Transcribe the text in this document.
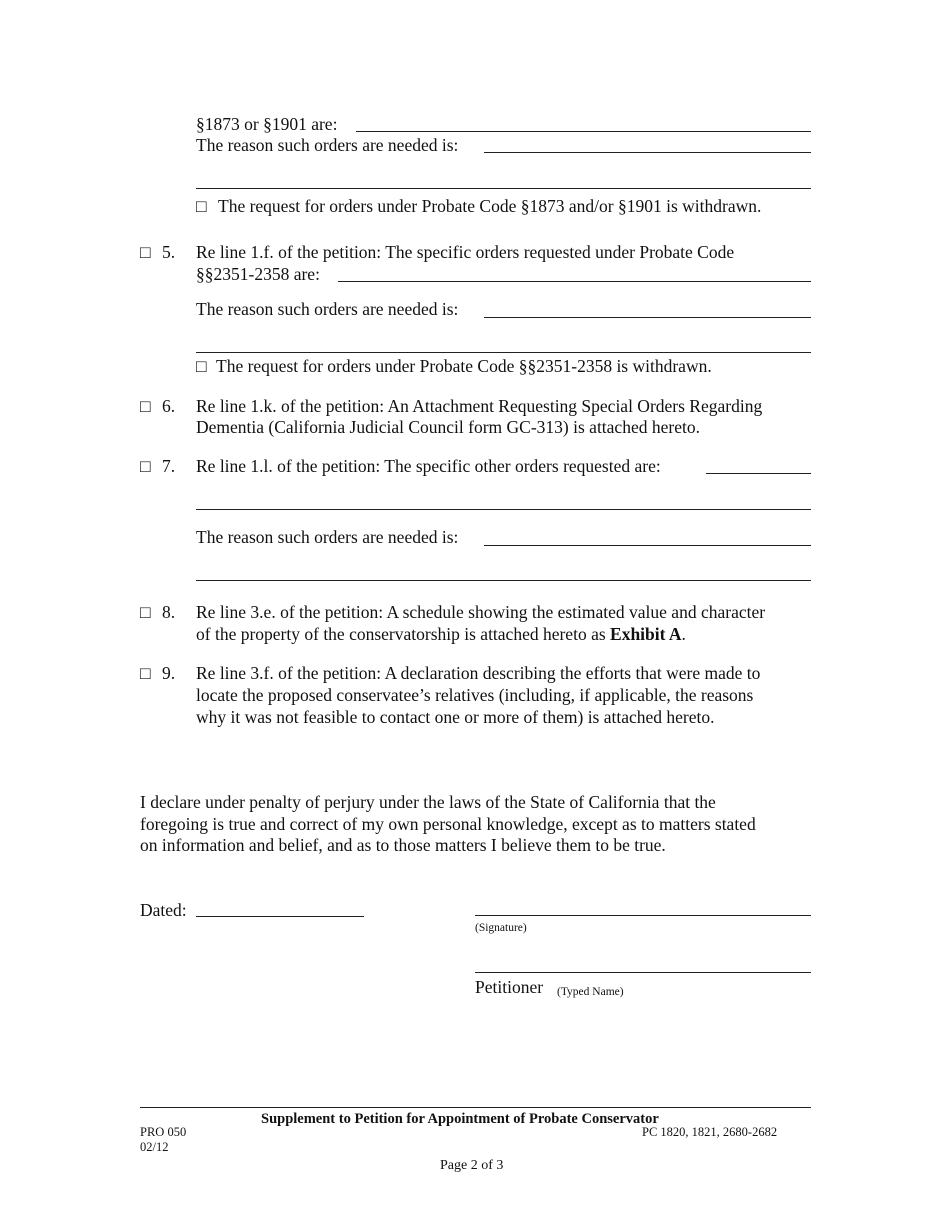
§1873 or §1901 are:
The reason such orders are needed is:
□ The request for orders under Probate Code §1873 and/or §1901 is withdrawn.
□ 5. Re line 1.f. of the petition: The specific orders requested under Probate Code
§§2351-2358 are:
The reason such orders are needed is:
□ The request for orders under Probate Code §§2351-2358 is withdrawn.
□ 6. Re line 1.k. of the petition: An Attachment Requesting Special Orders Regarding
Dementia (California Judicial Council form GC-313) is attached hereto.
□ 7. Re line 1.l. of the petition: The specific other orders requested are:
The reason such orders are needed is:
□ 8. Re line 3.e. of the petition: A schedule showing the estimated value and character
of the property of the conservatorship is attached hereto as Exhibit A.
□ 9. Re line 3.f. of the petition: A declaration describing the efforts that were made to
locate the proposed conservatee’s relatives (including, if applicable, the reasons
why it was not feasible to contact one or more of them) is attached hereto.
I declare under penalty of perjury under the laws of the State of California that the
foregoing is true and correct of my own personal knowledge, except as to matters stated
on information and belief, and as to those matters I believe them to be true.
Dated:
(Signature)
Petitioner (Typed Name)
Supplement to Petition for Appointment of Probate Conservator
PRO 050
02/12
PC 1820, 1821, 2680-2682
Page 2 of 3
